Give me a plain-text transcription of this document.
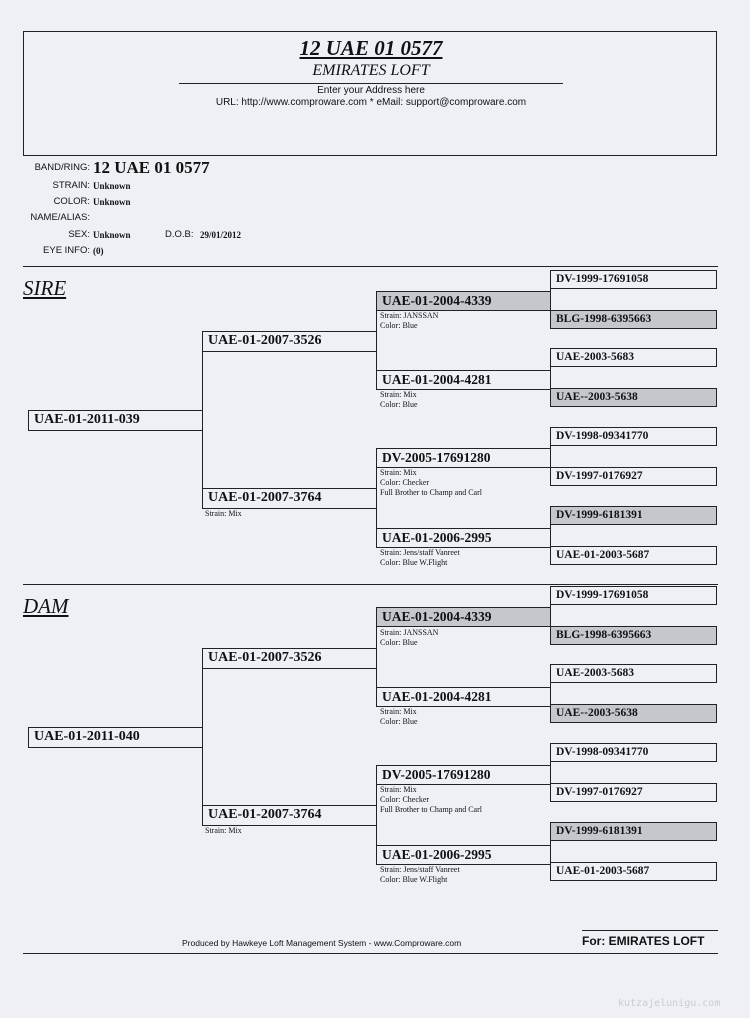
12 UAE 01 0577
EMIRATES LOFT
Enter your Address here
URL: http://www.comproware.com * eMail: support@comproware.com
BAND/RING: 12 UAE 01 0577
STRAIN: Unknown
COLOR: Unknown
NAME/ALIAS:
SEX: Unknown	D.O.B: 29/01/2012
EYE INFO: (0)
SIRE
UAE-01-2011-039
UAE-01-2007-3526
UAE-01-2007-3764
Strain: Mix
UAE-01-2004-4339
Strain: JANSSAN
Color: Blue
UAE-01-2004-4281
Strain: Mix
Color: Blue
DV-2005-17691280
Strain: Mix
Color: Checker
Full Brother to Champ and Carl
UAE-01-2006-2995
Strain: Jens/staff Vanreet
Color: Blue W.Flight
DV-1999-17691058
BLG-1998-6395663
UAE-2003-5683
UAE--2003-5638
DV-1998-09341770
DV-1997-0176927
DV-1999-6181391
UAE-01-2003-5687
DAM
UAE-01-2011-040
UAE-01-2007-3526
UAE-01-2007-3764
Strain: Mix
UAE-01-2004-4339
Strain: JANSSAN
Color: Blue
UAE-01-2004-4281
Strain: Mix
Color: Blue
DV-2005-17691280
Strain: Mix
Color: Checker
Full Brother to Champ and Carl
UAE-01-2006-2995
Strain: Jens/staff Vanreet
Color: Blue W.Flight
DV-1999-17691058
BLG-1998-6395663
UAE-2003-5683
UAE--2003-5638
DV-1998-09341770
DV-1997-0176927
DV-1999-6181391
UAE-01-2003-5687
Produced by Hawkeye Loft Management System - www.Comproware.com	For: EMIRATES LOFT
kutzajelunigu.com
